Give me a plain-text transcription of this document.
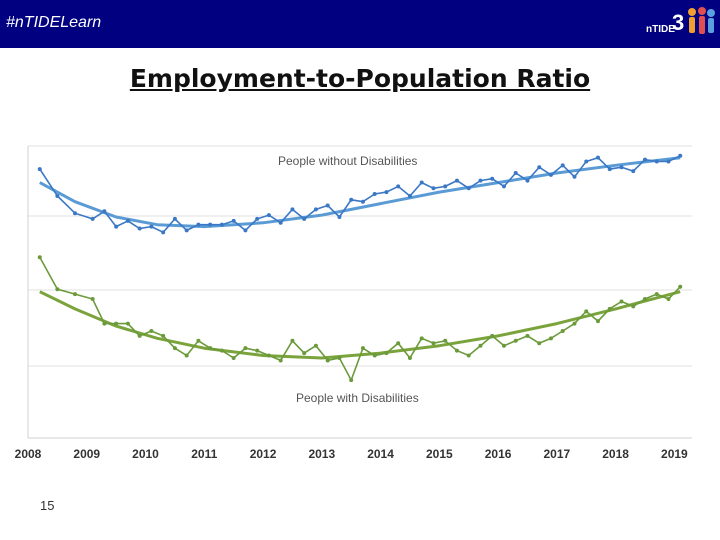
#nTIDELearn	3
nTIDE
Employment-to-Population Ratio
2008	2009	2010	2011	2012	2013	2014	2015	2016	2017	2018	2019
People without Disabilities
People with Disabilities
15
